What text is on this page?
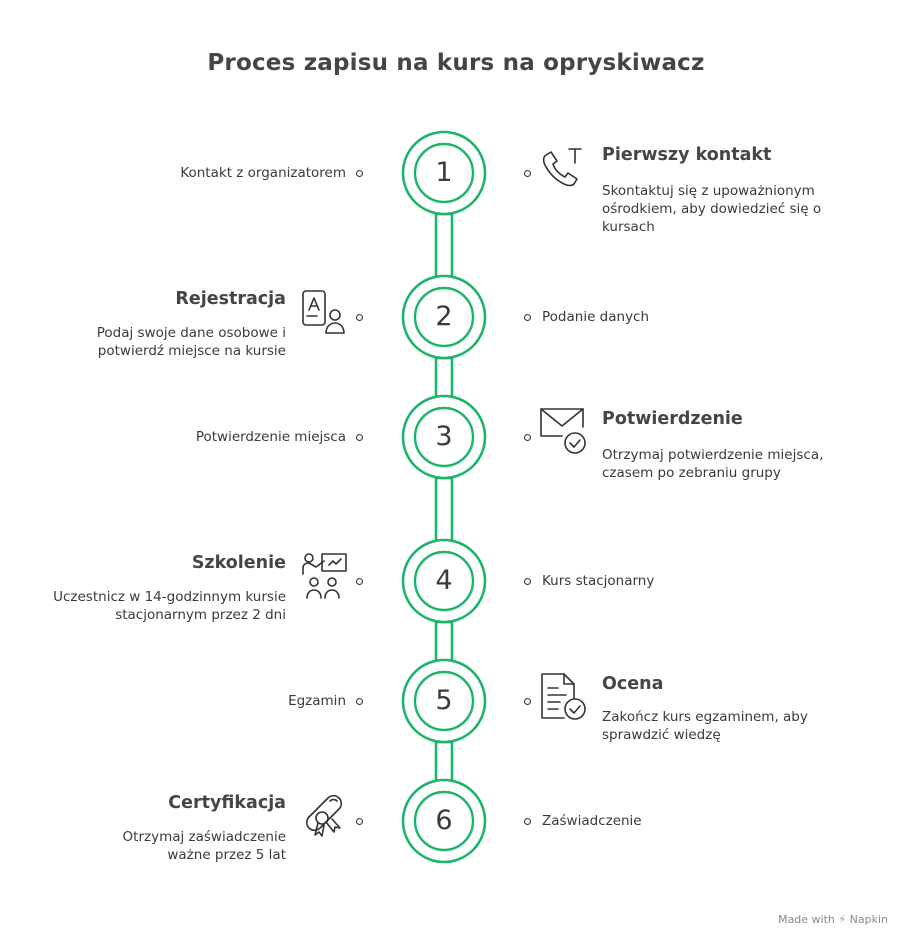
Proces zapisu na kurs na opryskiwacz
1
2
3
4
5
6
Kontakt z organizatorem
Pierwszy kontakt
Skontaktuj się z upoważnionym ośrodkiem, aby dowiedzieć się o kursach
Rejestracja
Podaj swoje dane osobowe i potwierdź miejsce na kursie
Podanie danych
Potwierdzenie miejsca
Potwierdzenie
Otrzymaj potwierdzenie miejsca, czasem po zebraniu grupy
Szkolenie
Uczestnicz w 14-godzinnym kursie stacjonarnym przez 2 dni
Kurs stacjonarny
Egzamin
Ocena
Zakończ kurs egzaminem, aby sprawdzić wiedzę
Certyfikacja
Otrzymaj zaświadczenie ważne przez 5 lat
Zaświadczenie
Made with ⚡ Napkin
